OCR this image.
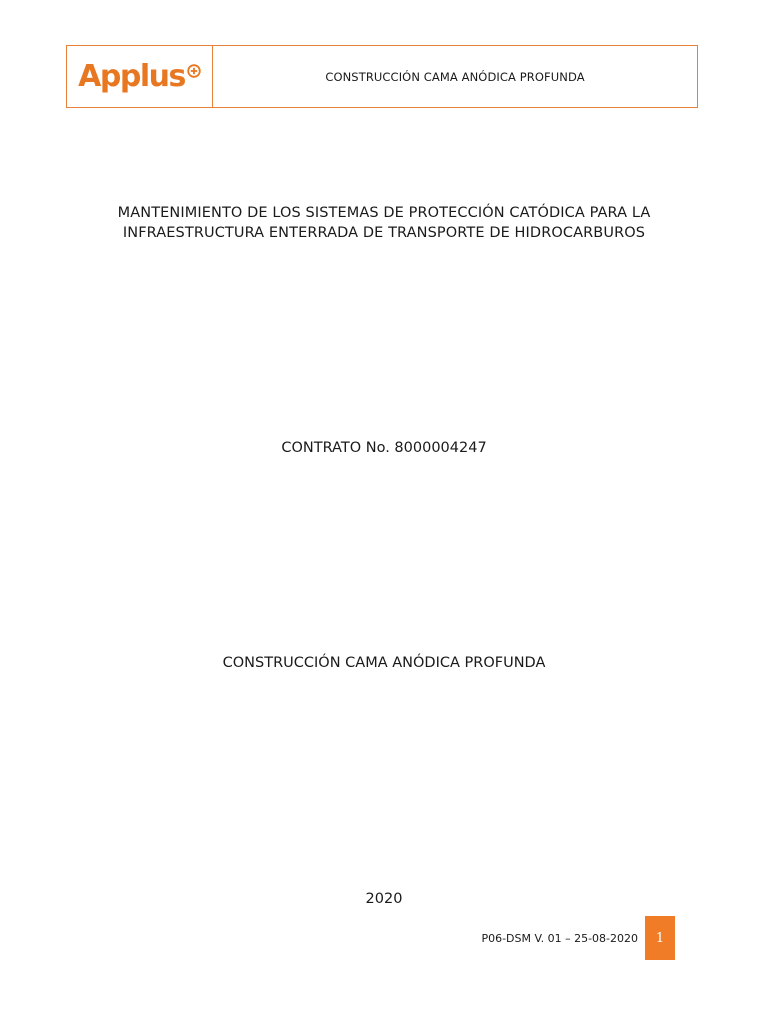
Applus	CONSTRUCCIÓN CAMA ANÓDICA PROFUNDA
MANTENIMIENTO DE LOS SISTEMAS DE PROTECCIÓN CATÓDICA PARA LA
INFRAESTRUCTURA ENTERRADA DE TRANSPORTE DE HIDROCARBUROS
CONTRATO No. 8000004247
CONSTRUCCIÓN CAMA ANÓDICA PROFUNDA
2020
P06-DSM V. 01 – 25-08-2020 1
